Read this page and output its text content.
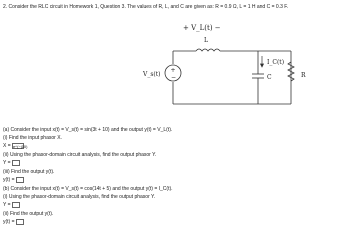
2. Consider the RLC circuit in Homework 1, Question 3. The values of R, L, and C are given as: R = 0.9 Ω, L = 1 H and C = 0.3 F.
+
−
+ V_L(t) −
L
I_C(t)
C	R
V_s(t)
(a) Consider the input x(t) = V_s(t) = sin(3t + 10) and the output y(t) = V_L(t).
(i) Find the input phasor X.
X = e^(−j10)
(ii) Using the phasor-domain circuit analysis, find the output phasor Y.
Y =
(iii) Find the output y(t).
y(t) =
(b) Consider the input x(t) = V_s(t) = cos(14t + 5) and the output y(t) = I_C(t).
(i) Using the phasor-domain circuit analysis, find the output phasor Y.
Y =
(ii) Find the output y(t).
y(t) =
